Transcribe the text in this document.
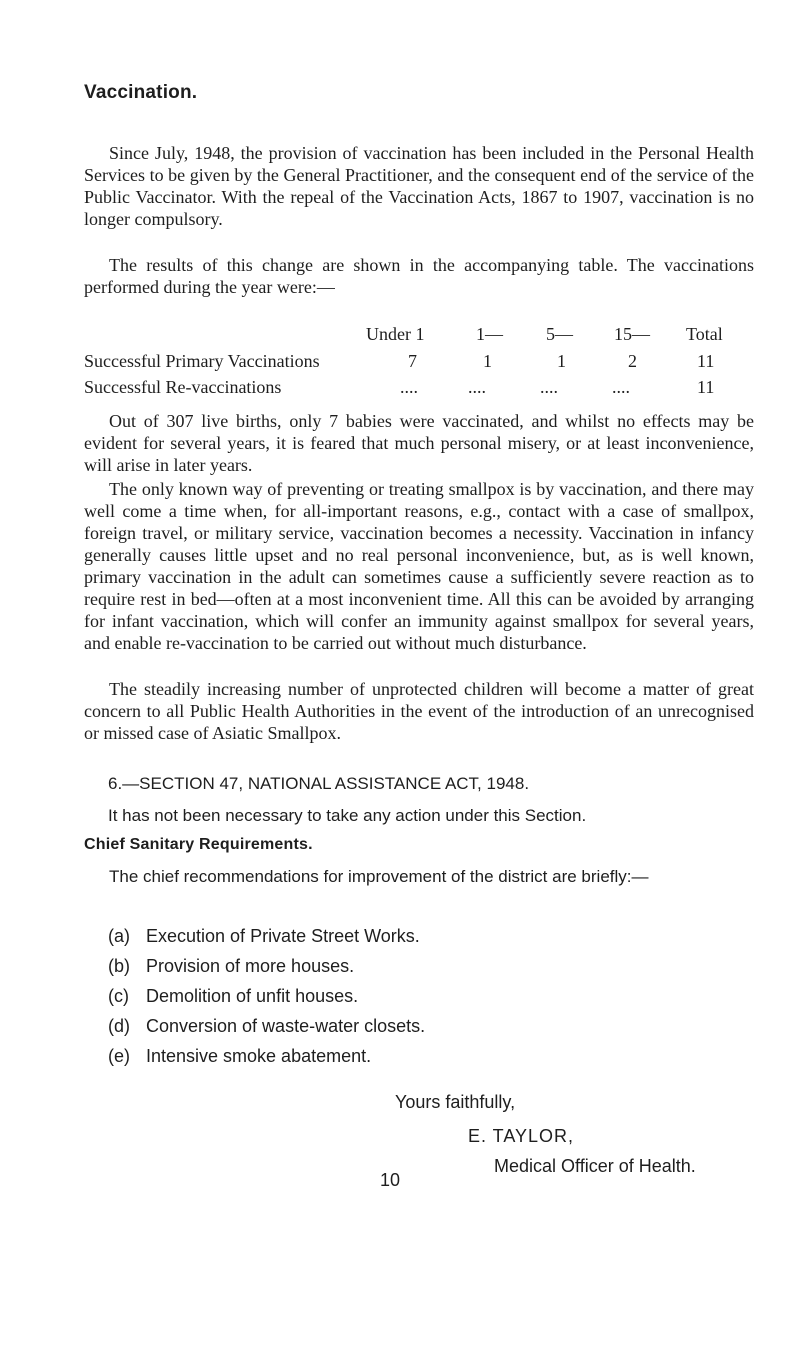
Vaccination.
Since July, 1948, the provision of vaccination has been included in the Personal Health Services to be given by the General Practitioner, and the consequent end of the service of the Public Vaccinator. With the repeal of the Vaccination Acts, 1867 to 1907, vaccination is no longer compulsory.
The results of this change are shown in the accompanying table. The vaccinations performed during the year were:—
Under 1	1— 5— 15— Total
Successful Primary Vaccinations	7	1	1	2	11
Successful Re-vaccinations	....	....	....	....	11
Out of 307 live births, only 7 babies were vaccinated, and whilst no effects may be evident for several years, it is feared that much personal misery, or at least inconvenience, will arise in later years.
The only known way of preventing or treating smallpox is by vaccination, and there may well come a time when, for all-important reasons, e.g., contact with a case of smallpox, foreign travel, or military service, vaccination becomes a necessity. Vaccination in infancy generally causes little upset and no real personal inconvenience, but, as is well known, primary vaccination in the adult can sometimes cause a sufficiently severe reaction as to require rest in bed—often at a most inconvenient time. All this can be avoided by arranging for infant vaccination, which will confer an immunity against smallpox for several years, and enable re-vaccination to be carried out without much disturbance.
The steadily increasing number of unprotected children will become a matter of great concern to all Public Health Authorities in the event of the introduction of an unrecognised or missed case of Asiatic Smallpox.
6.—SECTION 47, NATIONAL ASSISTANCE ACT, 1948.
It has not been necessary to take any action under this Section.
Chief Sanitary Requirements.
The chief recommendations for improvement of the district are briefly:—
(a) Execution of Private Street Works.
(b) Provision of more houses.
(c) Demolition of unfit houses.
(d) Conversion of waste-water closets.
(e) Intensive smoke abatement.
Yours faithfully,
E. TAYLOR,
Medical Officer of Health.
10
